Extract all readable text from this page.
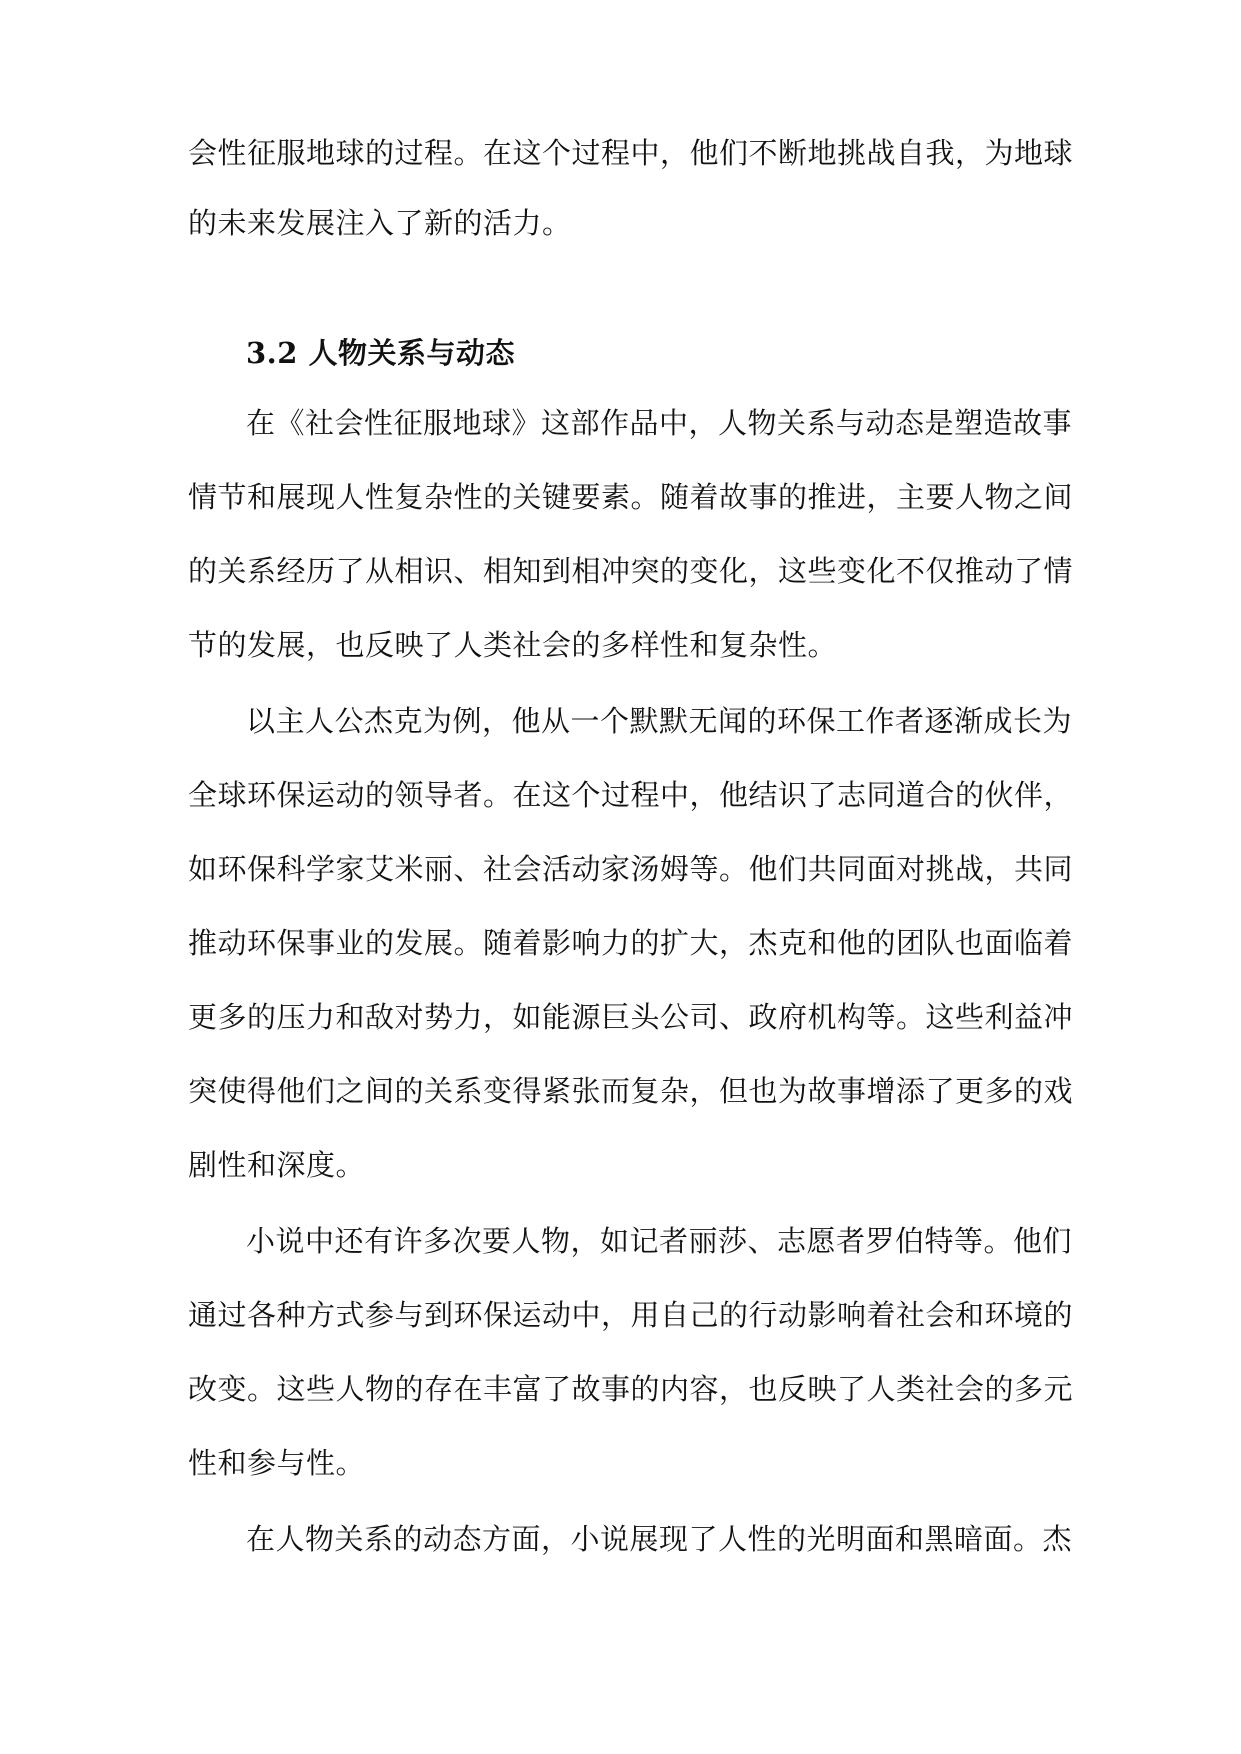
会性征服地球的过程。在这个过程中，他们不断地挑战自我，为地球
的未来发展注入了新的活力。
3.2 人物关系与动态
在《社会性征服地球》这部作品中，人物关系与动态是塑造故事
情节和展现人性复杂性的关键要素。随着故事的推进，主要人物之间
的关系经历了从相识、相知到相冲突的变化，这些变化不仅推动了情
节的发展，也反映了人类社会的多样性和复杂性。
以主人公杰克为例，他从一个默默无闻的环保工作者逐渐成长为
全球环保运动的领导者。在这个过程中，他结识了志同道合的伙伴，
如环保科学家艾米丽、社会活动家汤姆等。他们共同面对挑战，共同
推动环保事业的发展。随着影响力的扩大，杰克和他的团队也面临着
更多的压力和敌对势力，如能源巨头公司、政府机构等。这些利益冲
突使得他们之间的关系变得紧张而复杂，但也为故事增添了更多的戏
剧性和深度。
小说中还有许多次要人物，如记者丽莎、志愿者罗伯特等。他们
通过各种方式参与到环保运动中，用自己的行动影响着社会和环境的
改变。这些人物的存在丰富了故事的内容，也反映了人类社会的多元
性和参与性。
在人物关系的动态方面，小说展现了人性的光明面和黑暗面。杰
